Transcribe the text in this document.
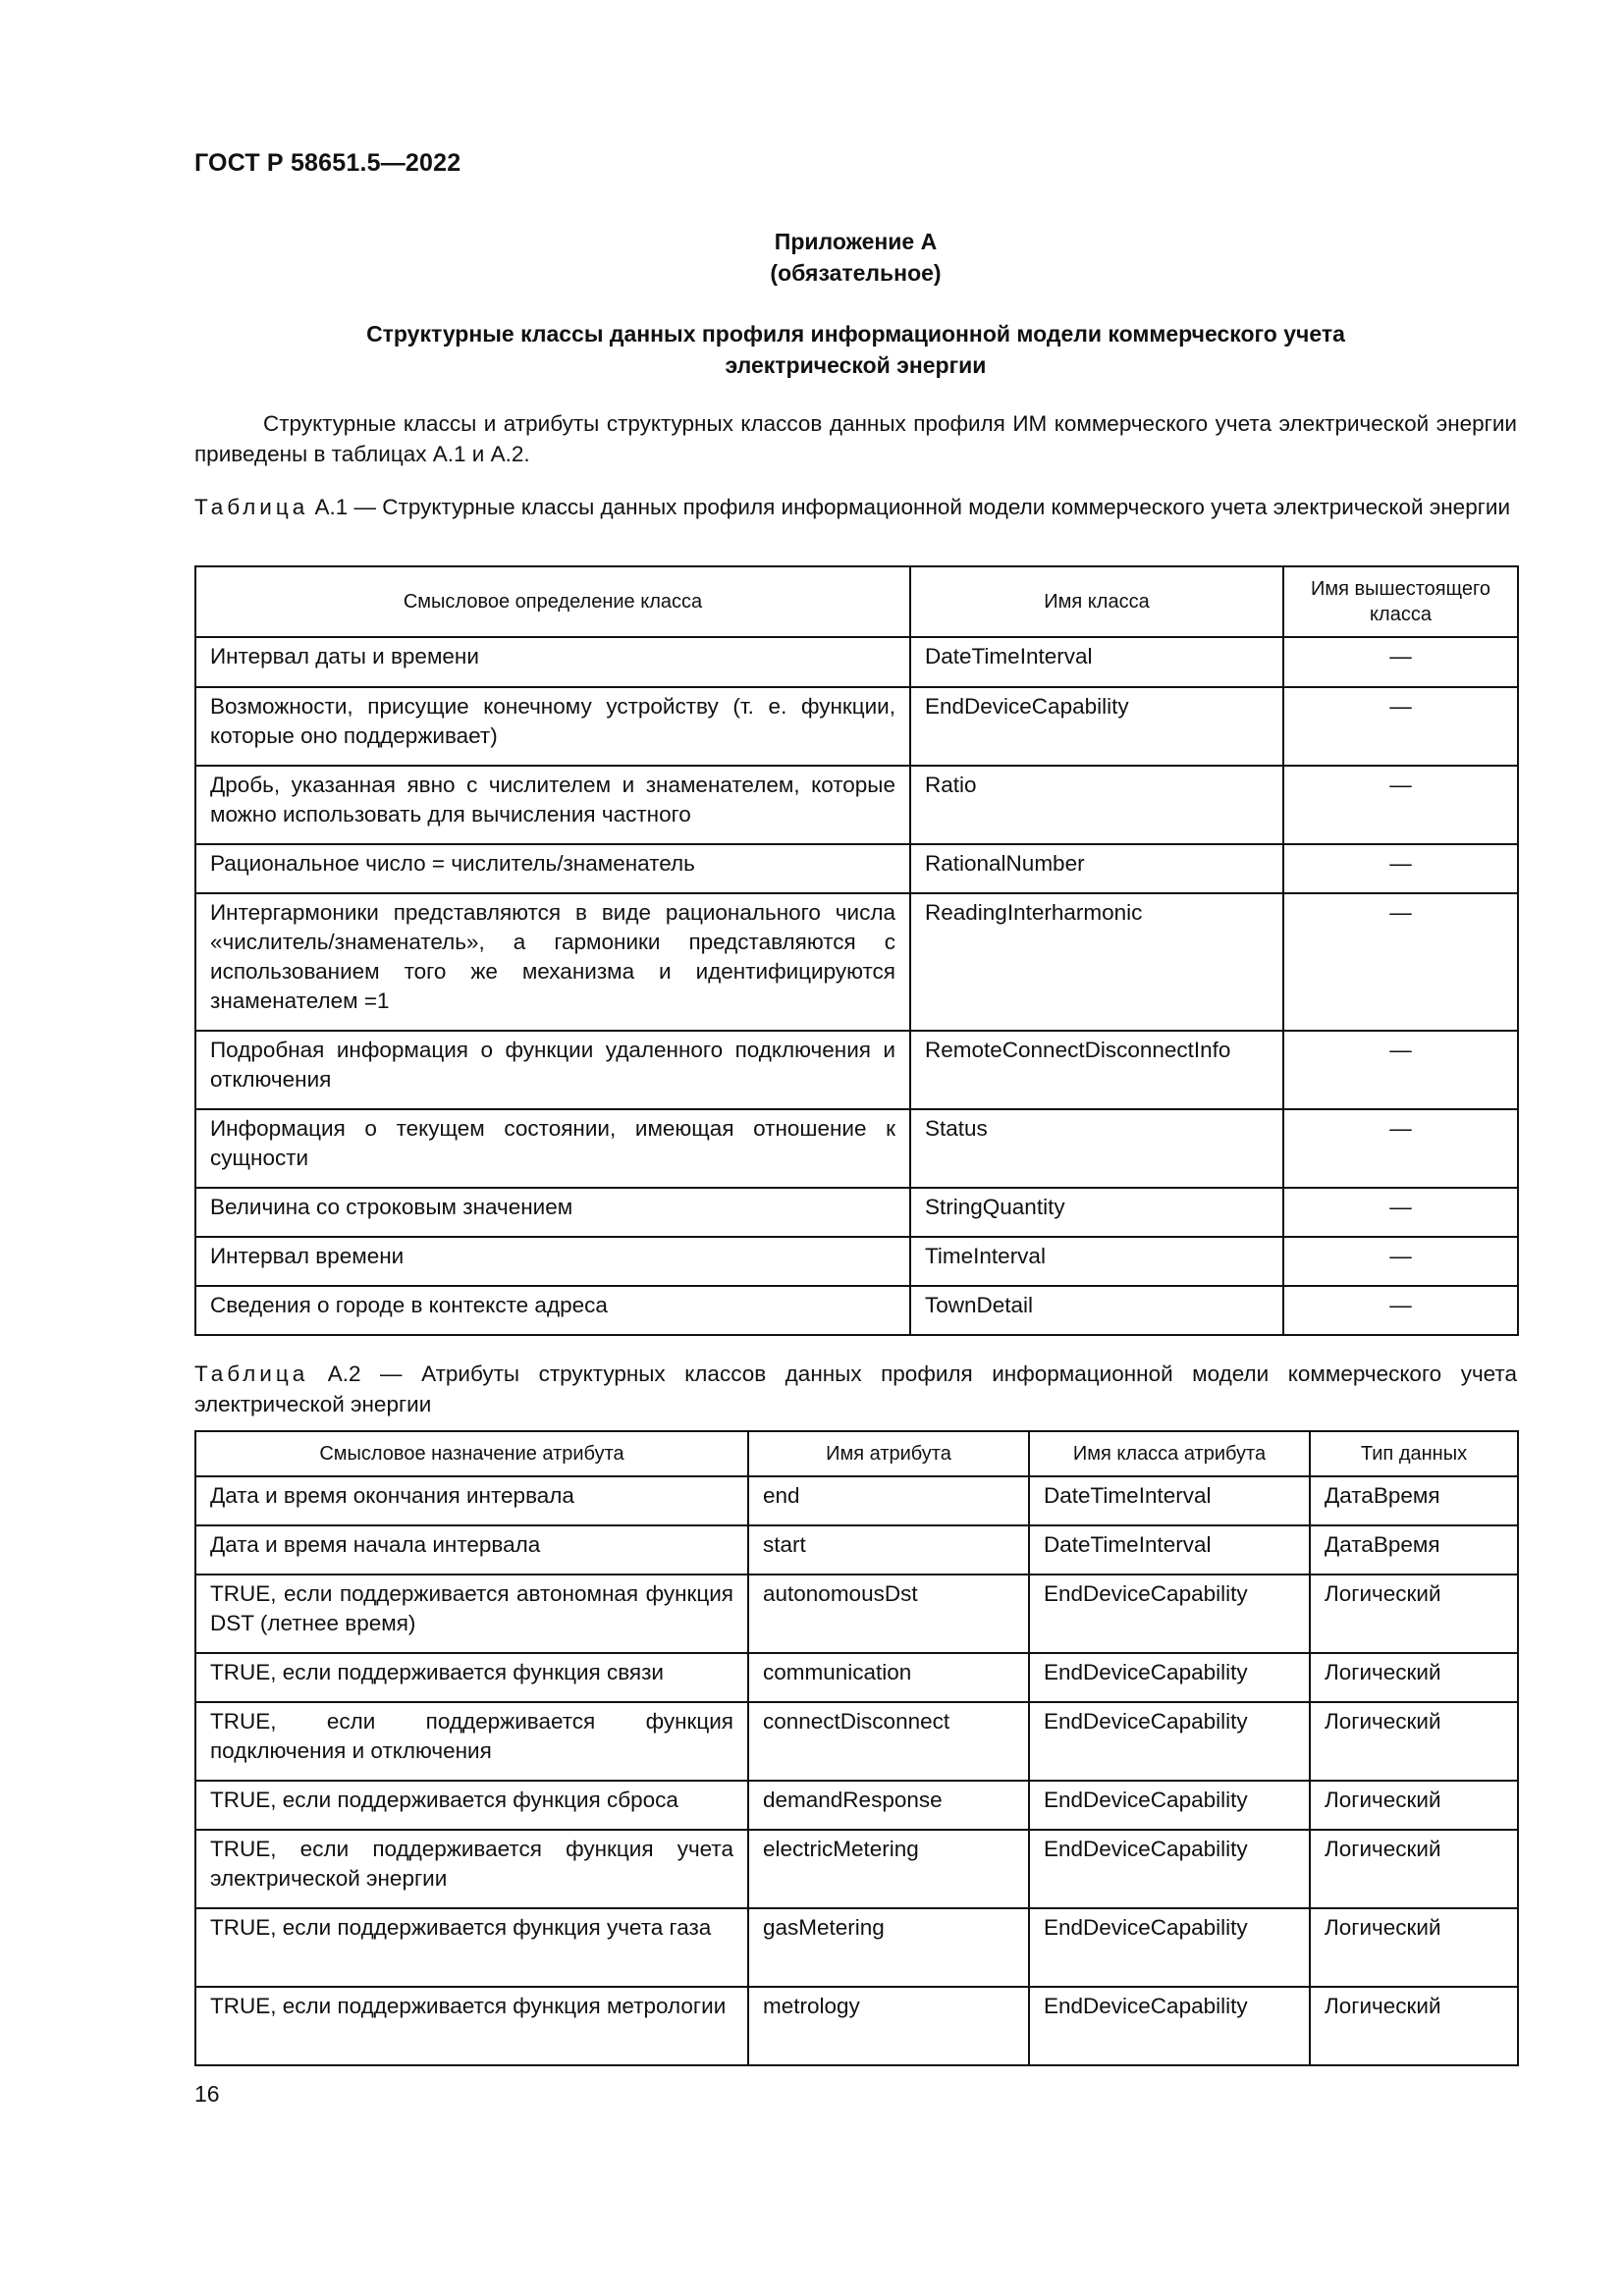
ГОСТ Р 58651.5—2022
Приложение А
(обязательное)
Структурные классы данных профиля информационной модели коммерческого учета
электрической энергии
Структурные классы и атрибуты структурных классов данных профиля ИМ коммерческого учета электрической энергии приведены в таблицах А.1 и А.2.
Таблица А.1 — Структурные классы данных профиля информационной модели коммерческого учета электрической энергии
Смысловое определение класса	Имя класса	Имя вышестоящего класса
Интервал даты и времени	DateTimeInterval	—
Возможности, присущие конечному устройству (т. е. функции, которые оно поддерживает)	EndDeviceCapability	—
Дробь, указанная явно с числителем и знаменателем, которые можно использовать для вычисления частного	Ratio	—
Рациональное число = числитель/знаменатель	RationalNumber	—
Интергармоники представляются в виде рационального числа «числитель/знаменатель», а гармоники представляются с использованием того же механизма и идентифицируются знаменателем =1	ReadingInterharmonic	—
Подробная информация о функции удаленного подключения и отключения	RemoteConnectDisconnectInfo	—
Информация о текущем состоянии, имеющая отношение к сущности	Status	—
Величина со строковым значением	StringQuantity	—
Интервал времени	TimeInterval	—
Сведения о городе в контексте адреса	TownDetail	—
Таблица А.2 — Атрибуты структурных классов данных профиля информационной модели коммерческого учета электрической энергии
Смысловое назначение атрибута	Имя атрибута	Имя класса атрибута	Тип данных
Дата и время окончания интервала	end	DateTimeInterval	ДатаВремя
Дата и время начала интервала	start	DateTimeInterval	ДатаВремя
TRUE, если поддерживается автономная функция DST (летнее время)	autonomousDst	EndDeviceCapability	Логический
TRUE, если поддерживается функция связи	communication	EndDeviceCapability	Логический
TRUE, если поддерживается функция подключения и отключения	connectDisconnect	EndDeviceCapability	Логический
TRUE, если поддерживается функция сброса	demandResponse	EndDeviceCapability	Логический
TRUE, если поддерживается функция учета электрической энергии	electricMetering	EndDeviceCapability	Логический
TRUE, если поддерживается функция учета газа	gasMetering	EndDeviceCapability	Логический
TRUE, если поддерживается функция метрологии	metrology	EndDeviceCapability	Логический
16
